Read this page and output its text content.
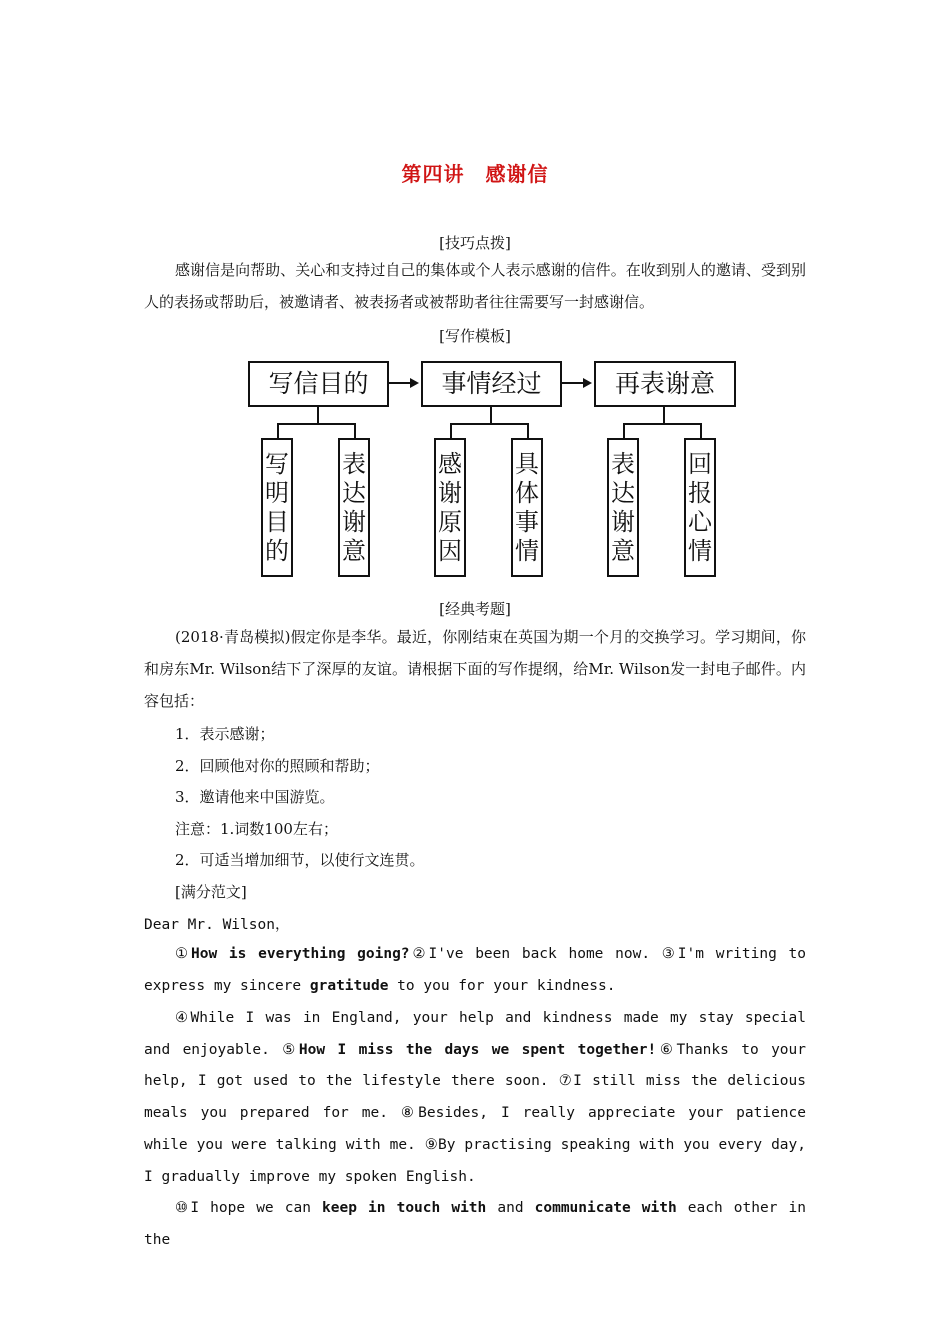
第四讲　感谢信
[技巧点拨]

感谢信是向帮助、关心和支持过自己的集体或个人表示感谢的信件。在收到别人的邀请、受到别人的表扬或帮助后，被邀请者、被表扬者或被帮助者往往需要写一封感谢信。

[写作模板]
写信目的	事情经过	再表谢意
写
明
目
的
表
达
谢
意
感
谢
原
因
具
体
事
情
表
达
谢
意
回
报
心
情
[经典考题]

(2018·青岛模拟)假定你是李华。最近，你刚结束在英国为期一个月的交换学习。学习期间，你和房东Mr. Wilson结下了深厚的友谊。请根据下面的写作提纲，给Mr. Wilson发一封电子邮件。内容包括：

1．表示感谢；
2．回顾他对你的照顾和帮助；
3．邀请他来中国游览。
注意：1.词数100左右；
2．可适当增加细节，以使行文连贯。
[满分范文]
Dear Mr. Wilson，

①How is everything going?②I've been back home now. ③I'm writing to express my sincere gratitude to you for your kindness.

④While I was in England, your help and kindness made my stay special and enjoyable. ⑤How I miss the days we spent together!⑥Thanks to your help, I got used to the lifestyle there soon. ⑦I still miss the delicious meals you prepared for me. ⑧Besides, I really appreciate your patience while you were talking with me. ⑨By practising speaking with you every day, I gradually improve my spoken English.

⑩I hope we can keep in touch with and communicate with each other in the
